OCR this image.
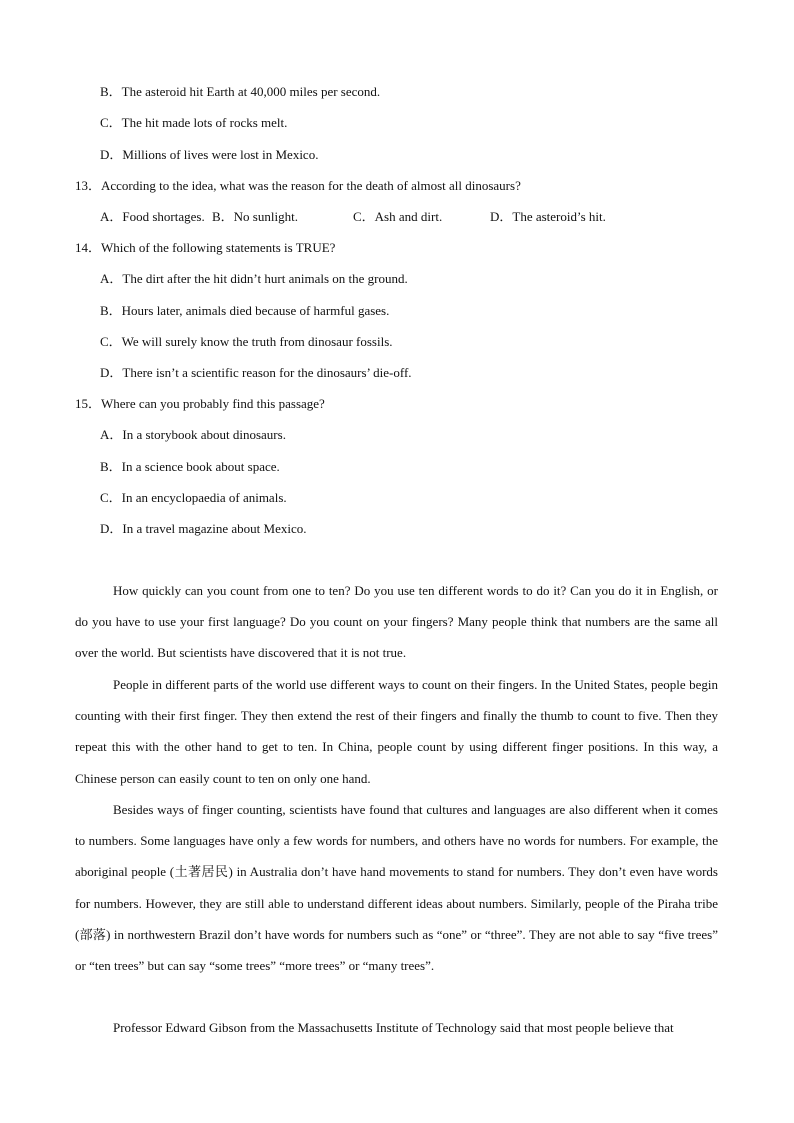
B．The asteroid hit Earth at 40,000 miles per second.
C．The hit made lots of rocks melt.
D．Millions of lives were lost in Mexico.
13．According to the idea, what was the reason for the death of almost all dinosaurs?
A．Food shortages. B．No sunlight.	C．Ash and dirt.	D．The asteroid’s hit.
14．Which of the following statements is TRUE?
A．The dirt after the hit didn’t hurt animals on the ground.
B．Hours later, animals died because of harmful gases.
C．We will surely know the truth from dinosaur fossils.
D．There isn’t a scientific reason for the dinosaurs’ die-off.
15．Where can you probably find this passage?
A．In a storybook about dinosaurs.
B．In a science book about space.
C．In an encyclopaedia of animals.
D．In a travel magazine about Mexico.
How quickly can you count from one to ten? Do you use ten different words to do it? Can you do it in English, or do you have to use your first language? Do you count on your fingers? Many people think that numbers are the same all over the world. But scientists have discovered that it is not true.
People in different parts of the world use different ways to count on their fingers. In the United States, people begin counting with their first finger. They then extend the rest of their fingers and finally the thumb to count to five. Then they repeat this with the other hand to get to ten. In China, people count by using different finger positions. In this way, a Chinese person can easily count to ten on only one hand.
Besides ways of finger counting, scientists have found that cultures and languages are also different when it comes to numbers. Some languages have only a few words for numbers, and others have no words for numbers. For example, the aboriginal people (土著居民) in Australia don’t have hand movements to stand for numbers. They don’t even have words for numbers. However, they are still able to understand different ideas about numbers. Similarly, people of the Piraha tribe (部落) in northwestern Brazil don’t have words for numbers such as “one” or “three”. They are not able to say “five trees” or “ten trees” but can say “some trees” “more trees” or “many trees”.
Professor Edward Gibson from the Massachusetts Institute of Technology said that most people believe that
